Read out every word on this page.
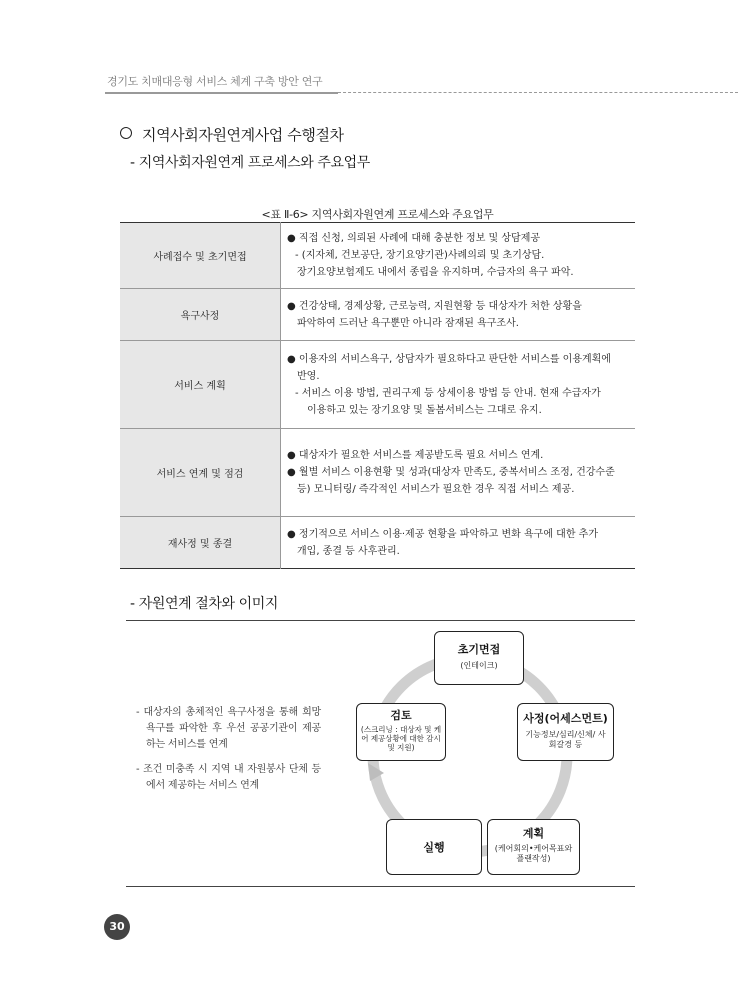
경기도 치매대응형 서비스 체계 구축 방안 연구
지역사회자원연계사업 수행절차
- 지역사회자원연계 프로세스와 주요업무
<표 Ⅱ-6> 지역사회자원연계 프로세스와 주요업무
사례접수 및 초기면접	● 직접 신청, 의뢰된 사례에 대해 충분한 정보 및 상담제공
- (지자체, 건보공단, 장기요양기관)사례의뢰 및 초기상담.
장기요양보험제도 내에서 종립을 유지하며, 수급자의 욕구 파악.

욕구사정	● 건강상태, 경제상황, 근로능력, 지원현황 등 대상자가 처한 상황을
파악하여 드러난 욕구뿐만 아니라 잠재된 욕구조사.

서비스 계획	● 이용자의 서비스욕구, 상담자가 필요하다고 판단한 서비스를 이용계획에
반영.
- 서비스 이용 방법, 권리구제 등 상세이용 방법 등 안내. 현재 수급자가
이용하고 있는 장기요양 및 돌봄서비스는 그대로 유지.

서비스 연계 및 점검	● 대상자가 필요한 서비스를 제공받도록 필요 서비스 연계.
● 월별 서비스 이용현황 및 성과(대상자 만족도, 중복서비스 조정, 건강수준
등) 모니터링/ 즉각적인 서비스가 필요한 경우 직접 서비스 제공.

재사정 및 종결	● 정기적으로 서비스 이용·제공 현황을 파악하고 변화 욕구에 대한 추가
개입, 종결 등 사후관리.
- 자원연계 절차와 이미지
- 대상자의 총체적인 욕구사정을 통해 희망욕구를 파악한 후 우선 공공기관이 제공하는 서비스를 연계
- 조건 미충족 시 지역 내 자원봉사 단체 등에서 제공하는 서비스 연계
초기면접
(인테이크)
사정(어세스먼트)
기능정보/심리/신체/ 사회갈경 등
계획
(케어회의•케어목표와 플랜작성)
실행
검토
(스크리닝 : 대상자 및 케어 제공상황에 대한 감시 및 지원)
30
